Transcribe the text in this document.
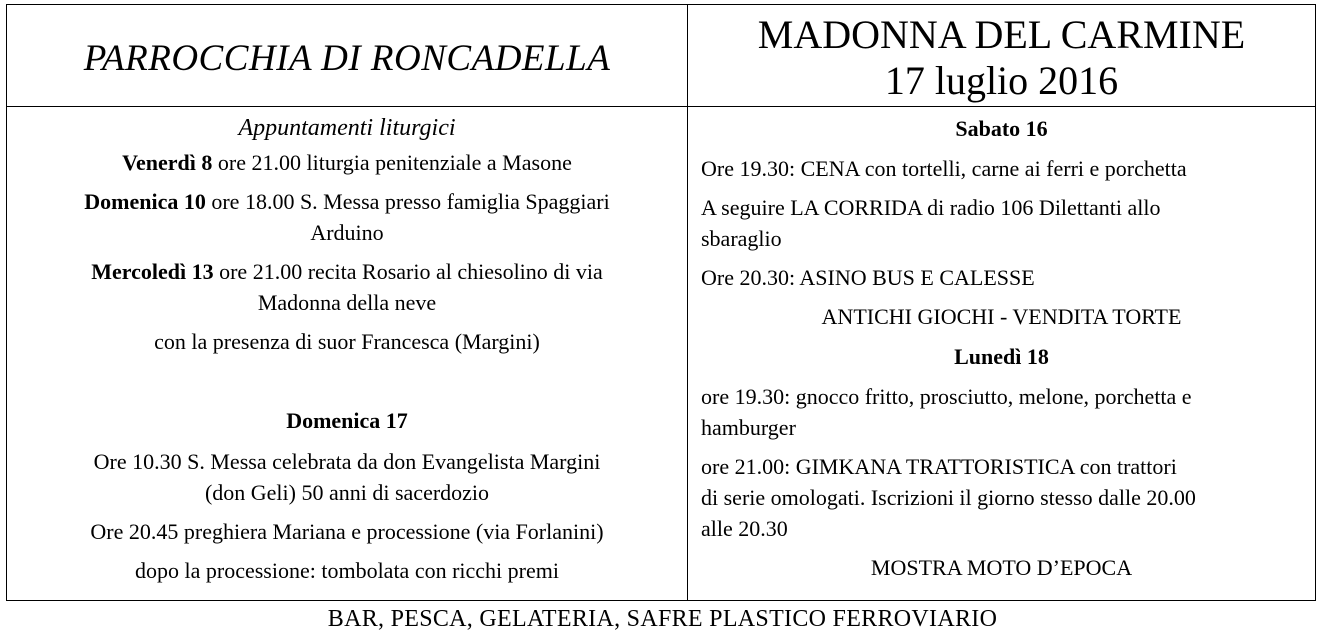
PARROCCHIA DI RONCADELLA
MADONNA DEL CARMINE
17 luglio 2016

Appuntamenti liturgici

Venerdì 8 ore 21.00 liturgia penitenziale a Masone

Domenica 10 ore 18.00 S. Messa presso famiglia Spaggiari
Arduino

Mercoledì 13 ore 21.00 recita Rosario al chiesolino di via
Madonna della neve

con la presenza di suor Francesca (Margini)

Domenica 17

Ore 10.30 S. Messa celebrata da don Evangelista Margini
(don Geli) 50 anni di sacerdozio

Ore 20.45 preghiera Mariana e processione (via Forlanini)

dopo la processione: tombolata con ricchi premi

Sabato 16

Ore 19.30: CENA con tortelli, carne ai ferri e porchetta

A seguire LA CORRIDA di radio 106 Dilettanti allo
sbaraglio

Ore 20.30: ASINO BUS E CALESSE

ANTICHI GIOCHI - VENDITA TORTE

Lunedì 18

ore 19.30: gnocco fritto, prosciutto, melone, porchetta e
hamburger

ore 21.00: GIMKANA TRATTORISTICA con trattori
di serie omologati. Iscrizioni il giorno stesso dalle 20.00
alle 20.30

MOSTRA MOTO D’EPOCA

BAR, PESCA, GELATERIA, SAFRE PLASTICO FERROVIARIO
